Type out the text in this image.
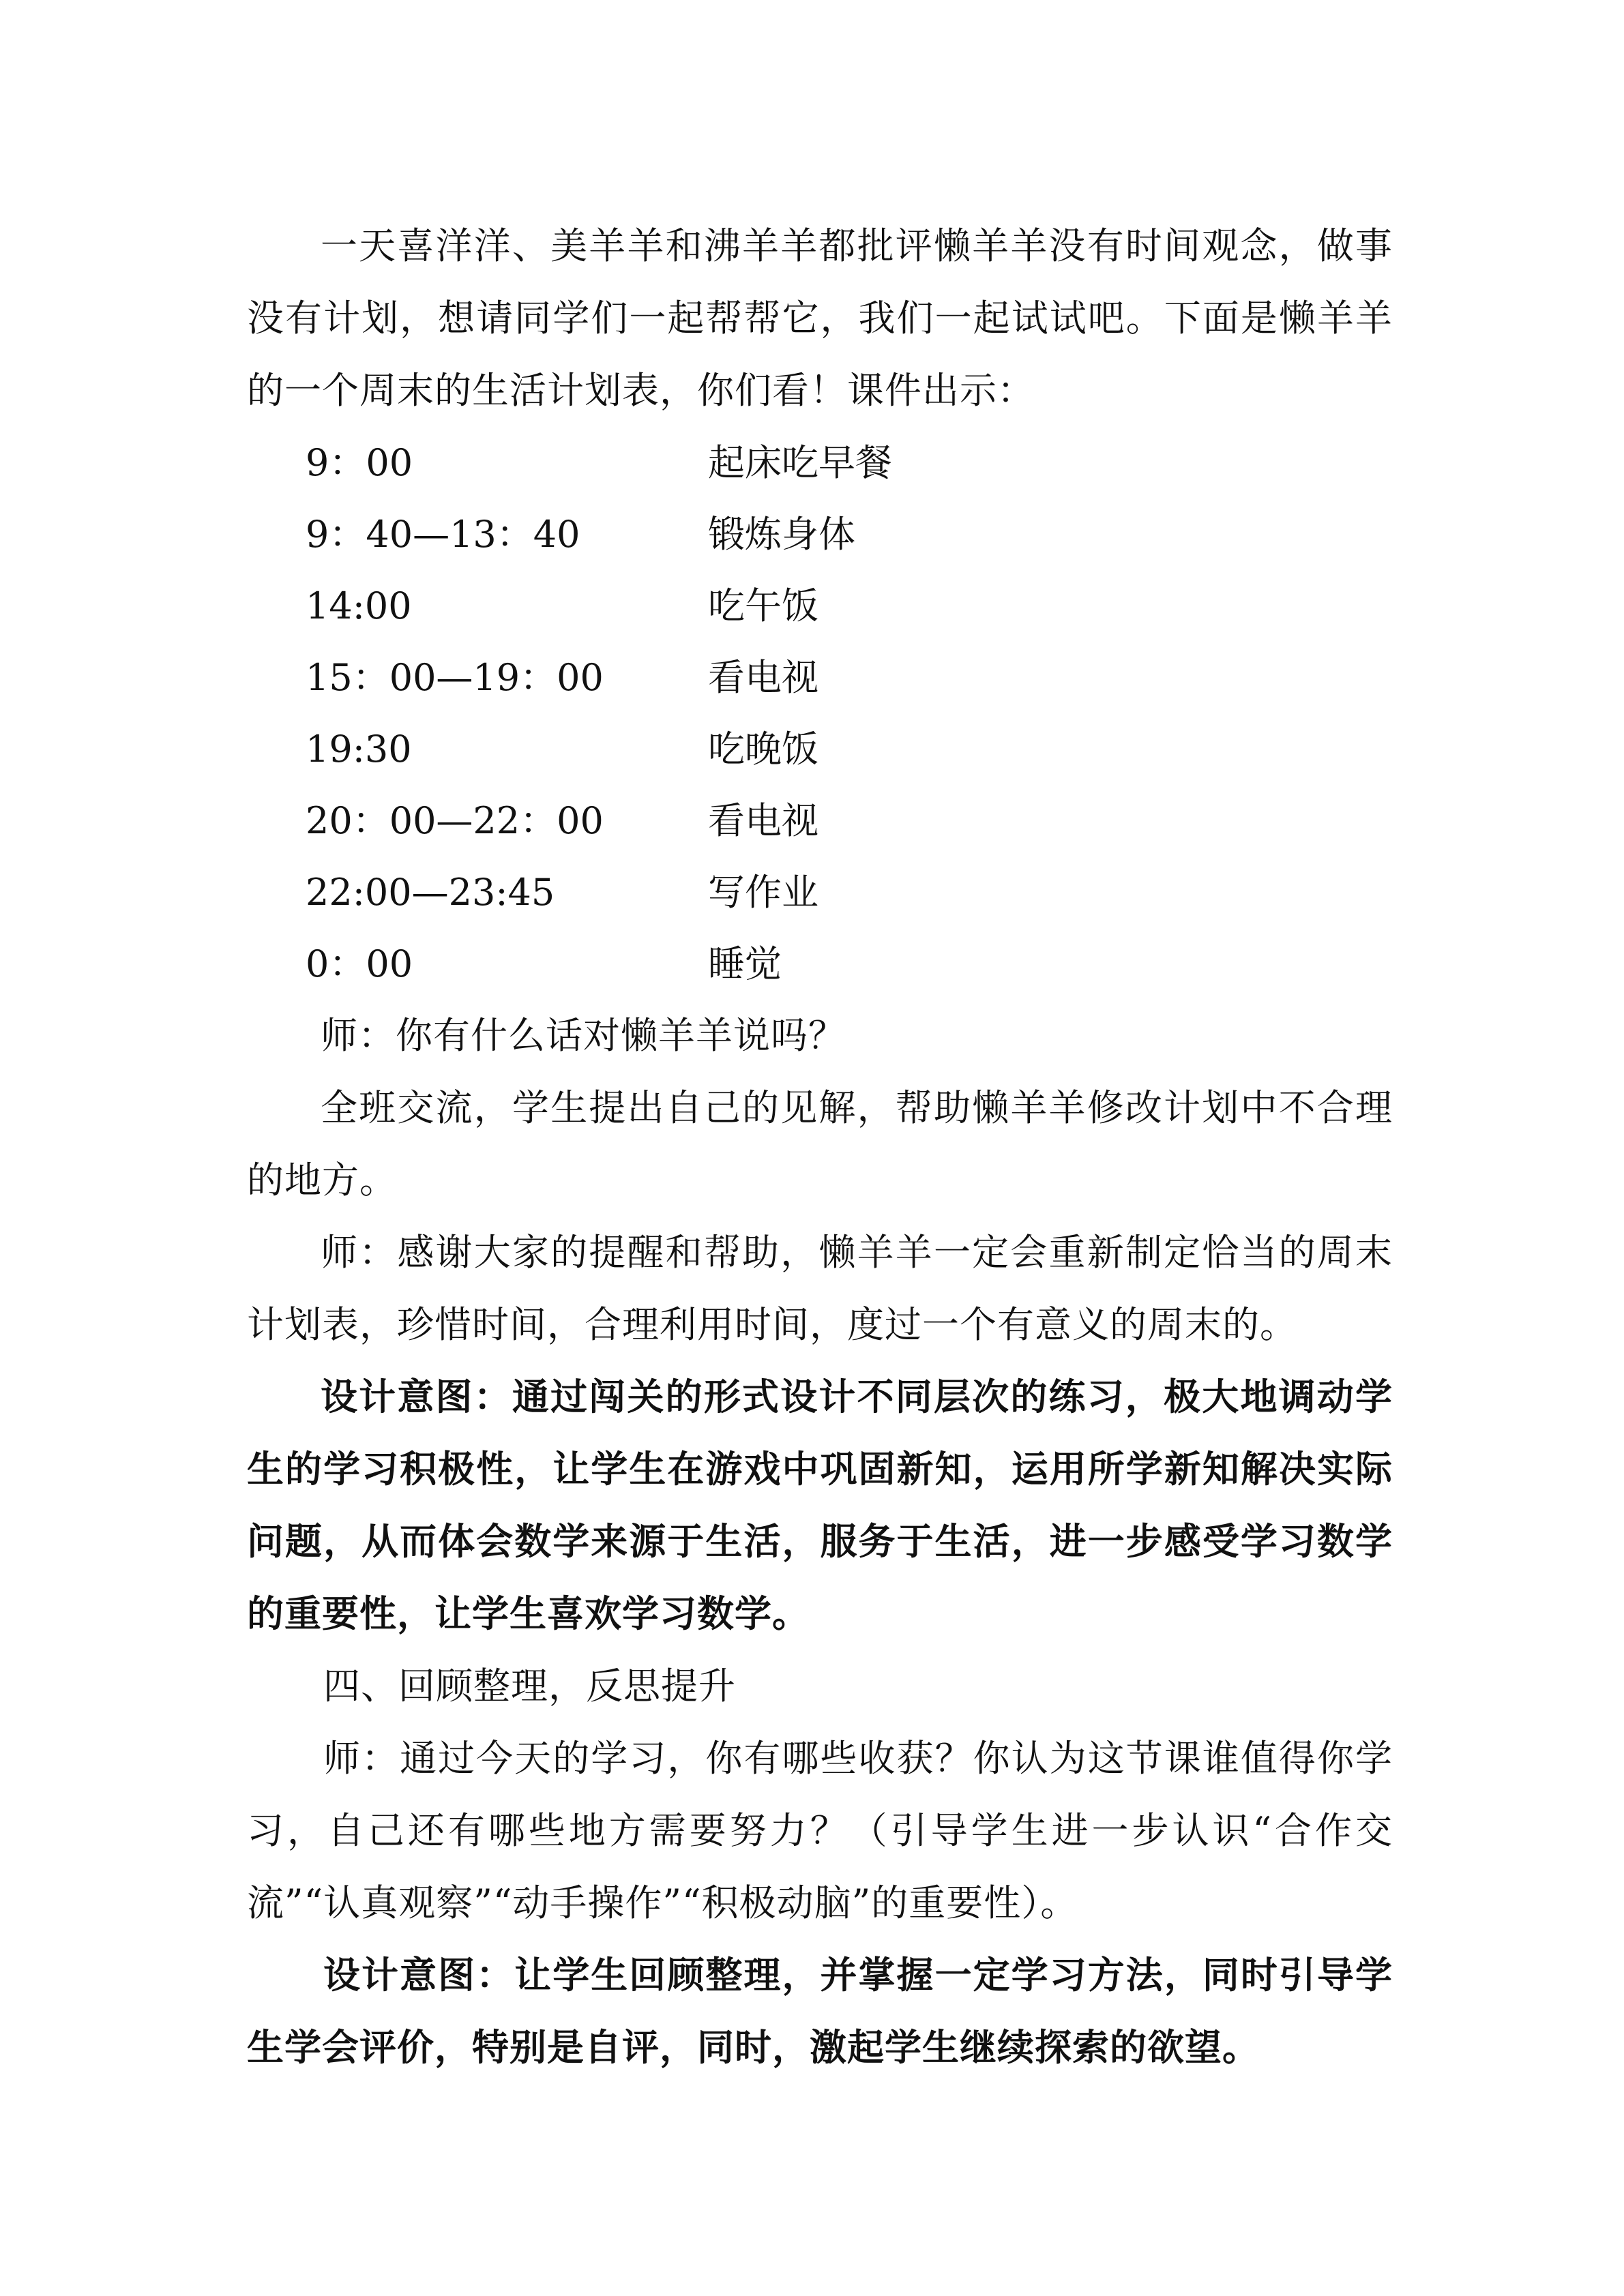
一天喜洋洋、美羊羊和沸羊羊都批评懒羊羊没有时间观念，做事没有计划，想请同学们一起帮帮它，我们一起试试吧。下面是懒羊羊的一个周末的生活计划表，你们看！课件出示：

9：00	起床吃早餐
9：40—13：40	锻炼身体
14:00	吃午饭
15：00—19：00	看电视
19:30	吃晚饭
20：00—22：00	看电视
22:00—23:45	写作业
0：00	睡觉

师：你有什么话对懒羊羊说吗？

全班交流，学生提出自己的见解，帮助懒羊羊修改计划中不合理的地方。

师：感谢大家的提醒和帮助，懒羊羊一定会重新制定恰当的周末计划表，珍惜时间，合理利用时间，度过一个有意义的周末的。

设计意图：通过闯关的形式设计不同层次的练习，极大地调动学生的学习积极性，让学生在游戏中巩固新知，运用所学新知解决实际问题，从而体会数学来源于生活，服务于生活，进一步感受学习数学的重要性，让学生喜欢学习数学。

四、回顾整理，反思提升

师：通过今天的学习，你有哪些收获？你认为这节课谁值得你学习，自己还有哪些地方需要努力？（引导学生进一步认识“合作交流”“认真观察”“动手操作”“积极动脑”的重要性）。

设计意图：让学生回顾整理，并掌握一定学习方法，同时引导学生学会评价，特别是自评，同时，激起学生继续探索的欲望。
